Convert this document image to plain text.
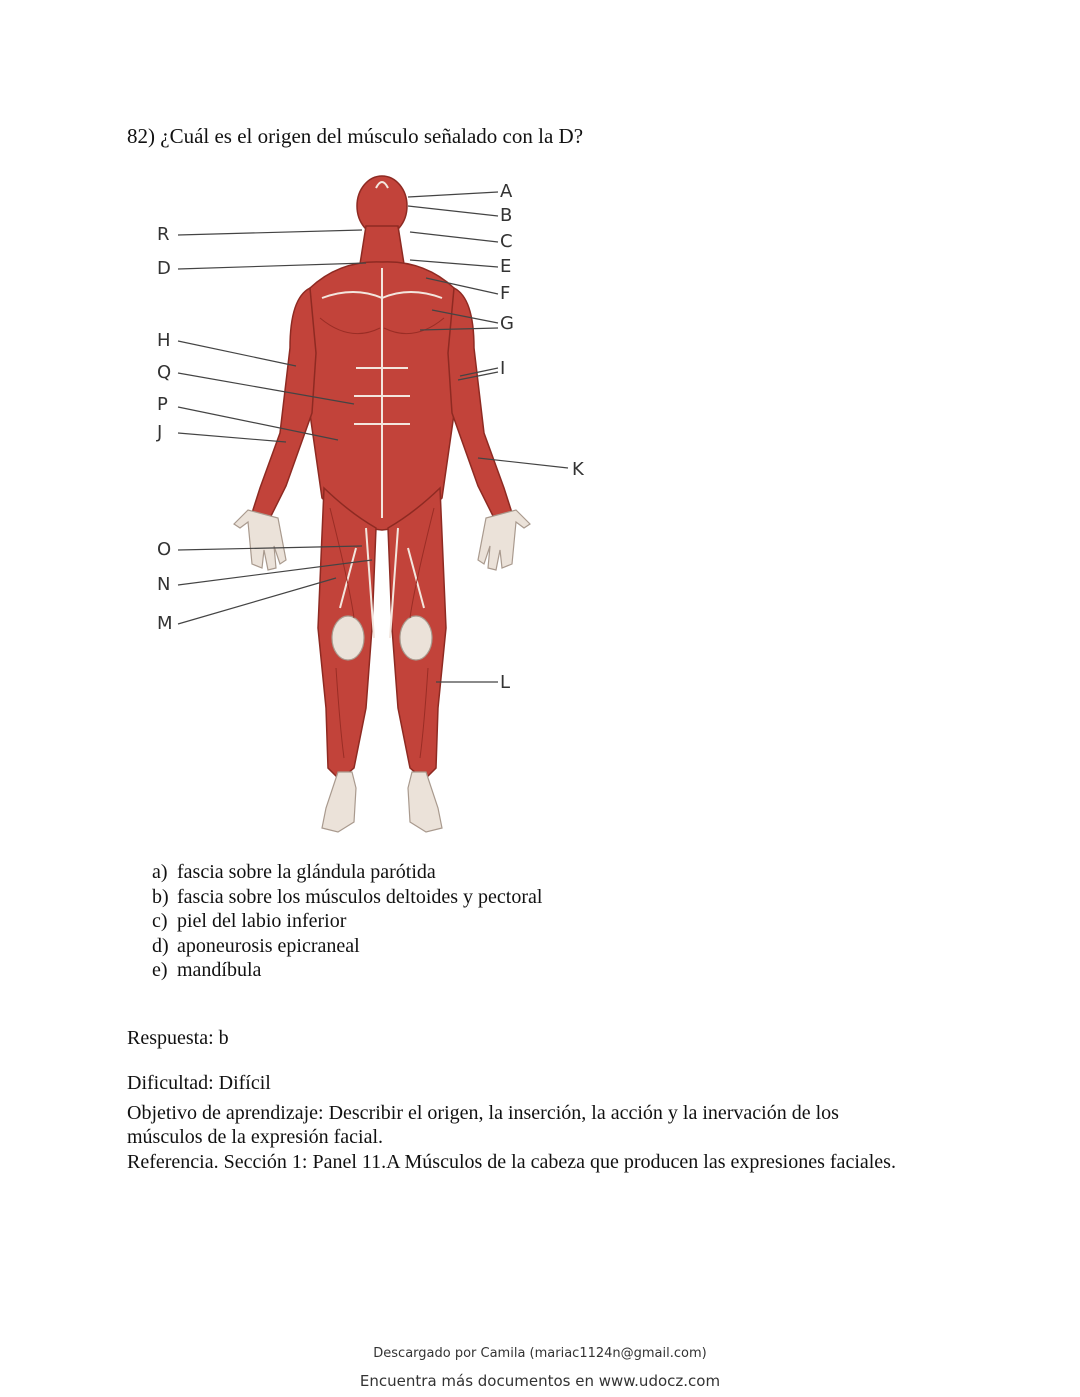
82) ¿Cuál es el origen del músculo señalado con la D?

A
B
C
E
F
G
I
K
L
R
D
H
Q
P
J
O
N
M
a) fascia sobre la glándula parótida
b) fascia sobre los músculos deltoides y pectoral
c) piel del labio inferior
d) aponeurosis epicraneal
e) mandíbula

Respuesta: b

Dificultad: Difícil

Objetivo de aprendizaje: Describir el origen, la inserción, la acción y la inervación de los

músculos de la expresión facial.

Referencia. Sección 1: Panel 11.A Músculos de la cabeza que producen las expresiones faciales.

Descargado por Camila (mariac1124n@gmail.com)
Encuentra más documentos en www.udocz.com
